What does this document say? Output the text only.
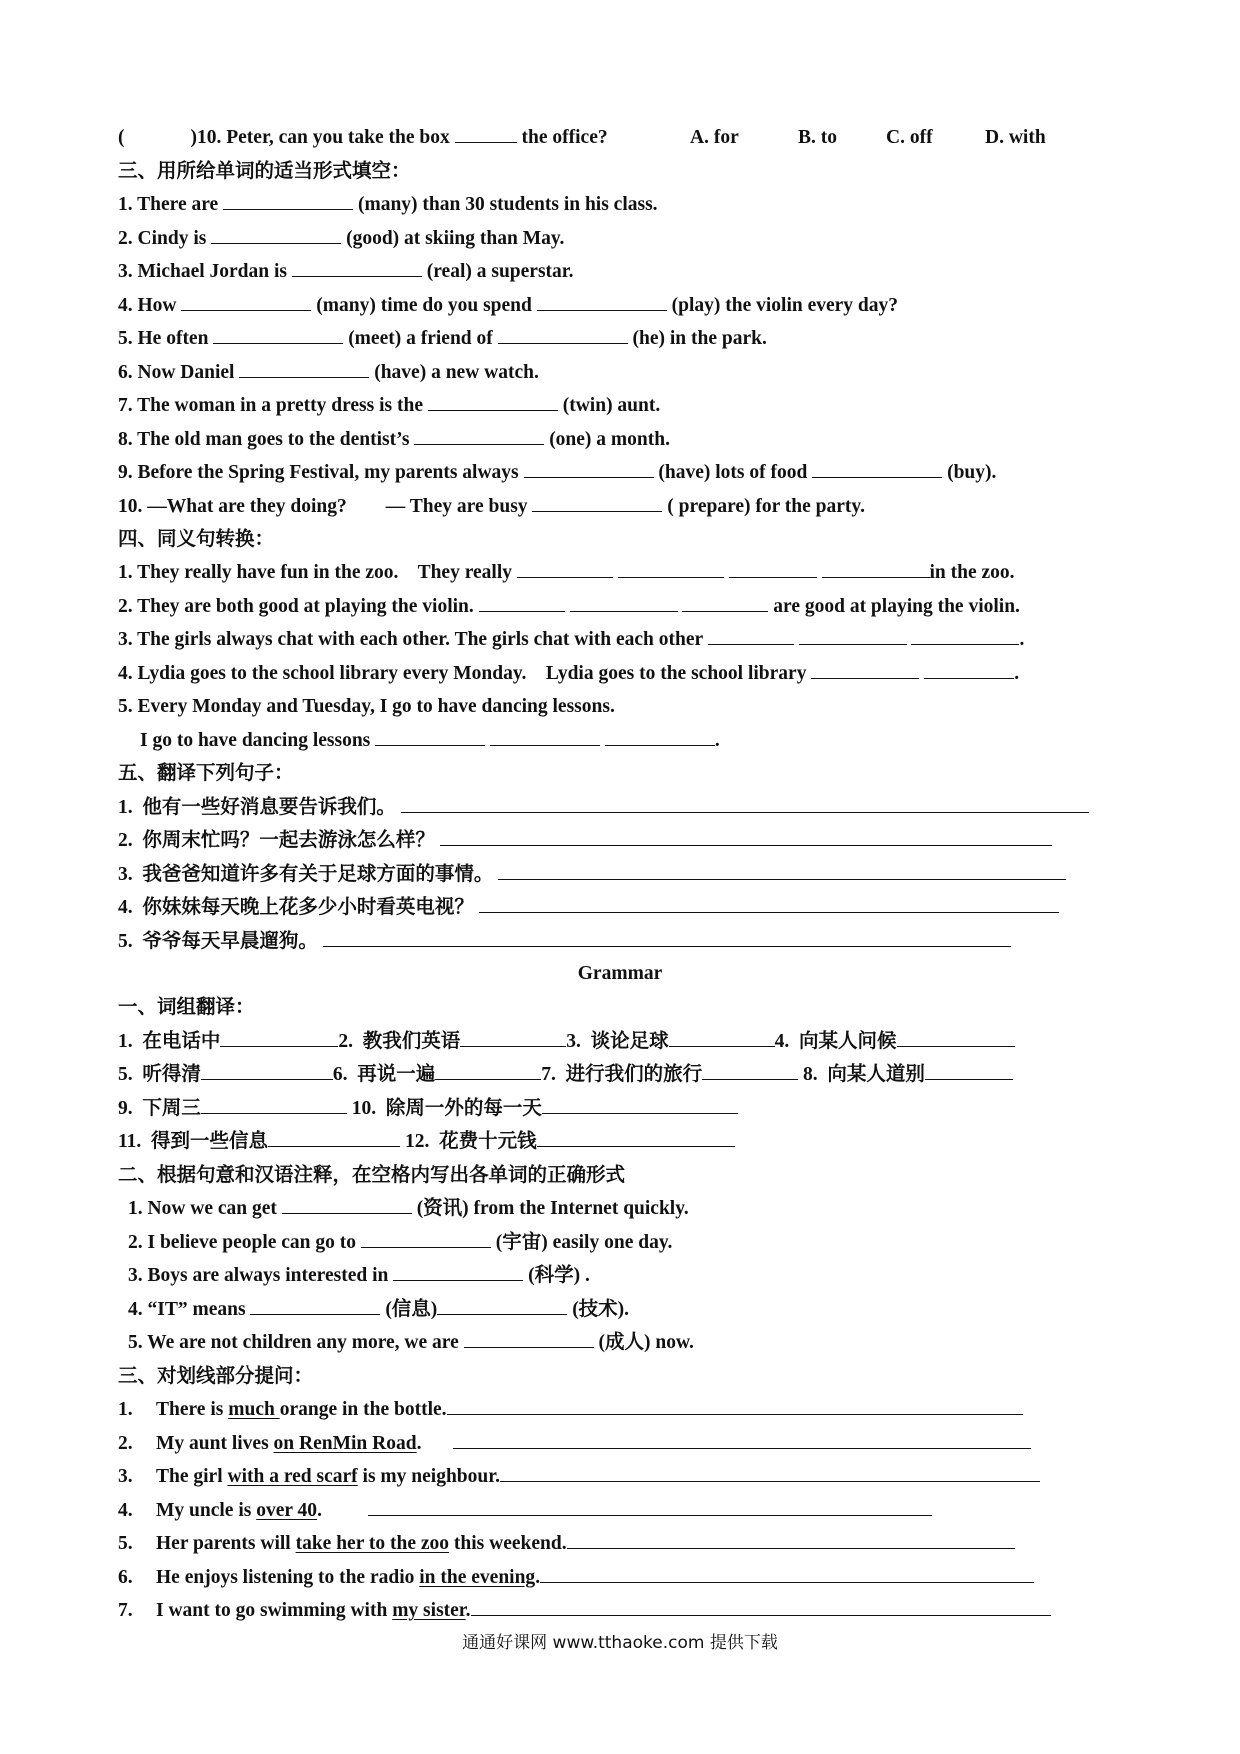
(	)10. Peter, can you take the box	the office?	A. for	B. to	C. off	D. with
三、用所给单词的适当形式填空：
1. There are	(many) than 30 students in his class.
2. Cindy is	(good) at skiing than May.
3. Michael Jordan is	(real) a superstar.
4. How	(many) time do you spend	(play) the violin every day?
5. He often	(meet) a friend of	(he) in the park.
6. Now Daniel	(have) a new watch.
7. The woman in a pretty dress is the	(twin) aunt.
8. The old man goes to the dentist’s	(one) a month.
9. Before the Spring Festival, my parents always	(have) lots of food	(buy).
10. —What are they doing?        — They are busy	( prepare) for the party.
四、同义句转换：
1. They really have fun in the zoo.    They really	in the zoo.
2. They are both good at playing the violin.	are good at playing the violin.
3. The girls always chat with each other. The girls chat with each other	.
4. Lydia goes to the school library every Monday.    Lydia goes to the school library	.
5. Every Monday and Tuesday, I go to have dancing lessons.
I go to have dancing lessons	.
五、翻译下列句子：
1.  他有一些好消息要告诉我们。
2.  你周末忙吗？一起去游泳怎么样？
3.  我爸爸知道许多有关于足球方面的事情。
4.  你妹妹每天晚上花多少小时看英电视？
5.  爷爷每天早晨遛狗。
Grammar
一、词组翻译：
1.  在电话中	2.  教我们英语	3.  谈论足球	4.  向某人问候
5.  听得清	6.  再说一遍	7.  进行我们的旅行	8.  向某人道别
9.  下周三	10.  除周一外的每一天
11.  得到一些信息	12.  花费十元钱
二、根据句意和汉语注释，在空格内写出各单词的正确形式
1. Now we can get	(资讯) from the Internet quickly.
2. I believe people can go to	(宇宙) easily one day.
3. Boys are always interested in	(科学) .
4. “IT” means	(信息)	(技术).
5. We are not children any more, we are	(成人) now.
三、对划线部分提问：
1. There is much orange in the bottle.
2. My aunt lives on RenMin Road.
3. The girl with a red scarf is my neighbour.
4. My uncle is over 40.
5. Her parents will take her to the zoo this weekend.
6. He enjoys listening to the radio in the evening.
7. I want to go swimming with my sister.
通通好课网 www.tthaoke.com 提供下载
